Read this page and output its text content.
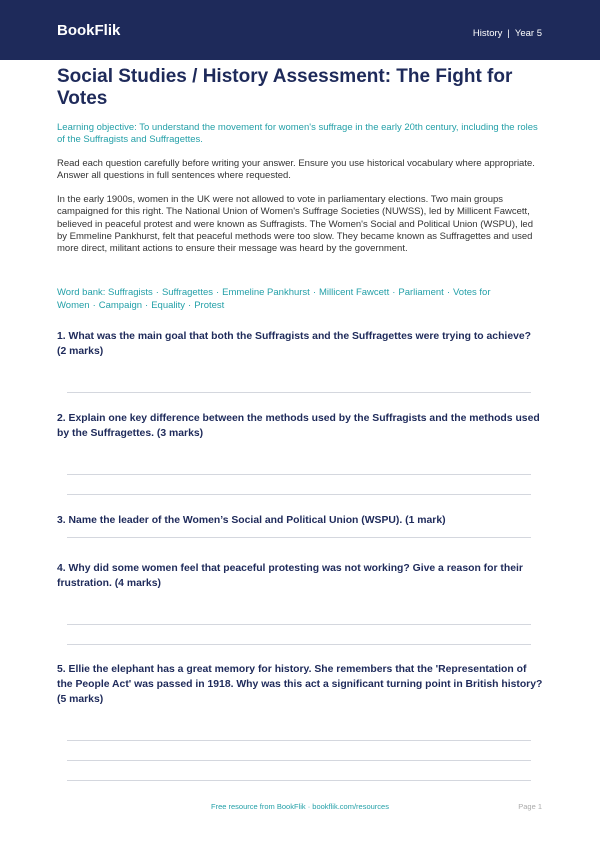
BookFlik	History | Year 5
Social Studies / History Assessment: The Fight for Votes
Learning objective: To understand the movement for women's suffrage in the early 20th century, including the roles of the Suffragists and Suffragettes.
Read each question carefully before writing your answer. Ensure you use historical vocabulary where appropriate. Answer all questions in full sentences where requested.
In the early 1900s, women in the UK were not allowed to vote in parliamentary elections. Two main groups campaigned for this right. The National Union of Women's Suffrage Societies (NUWSS), led by Millicent Fawcett, believed in peaceful protest and were known as Suffragists. The Women's Social and Political Union (WSPU), led by Emmeline Pankhurst, felt that peaceful methods were too slow. They became known as Suffragettes and used more direct, militant actions to ensure their message was heard by the government.
Word bank: Suffragists · Suffragettes · Emmeline Pankhurst · Millicent Fawcett · Parliament · Votes for Women · Campaign · Equality · Protest
1. What was the main goal that both the Suffragists and the Suffragettes were trying to achieve? (2 marks)
2. Explain one key difference between the methods used by the Suffragists and the methods used by the Suffragettes. (3 marks)
3. Name the leader of the Women’s Social and Political Union (WSPU). (1 mark)
4. Why did some women feel that peaceful protesting was not working? Give a reason for their frustration. (4 marks)
5. Ellie the elephant has a great memory for history. She remembers that the 'Representation of the People Act' was passed in 1918. Why was this act a significant turning point in British history? (5 marks)
Free resource from BookFlik · bookflik.com/resources	Page 1
